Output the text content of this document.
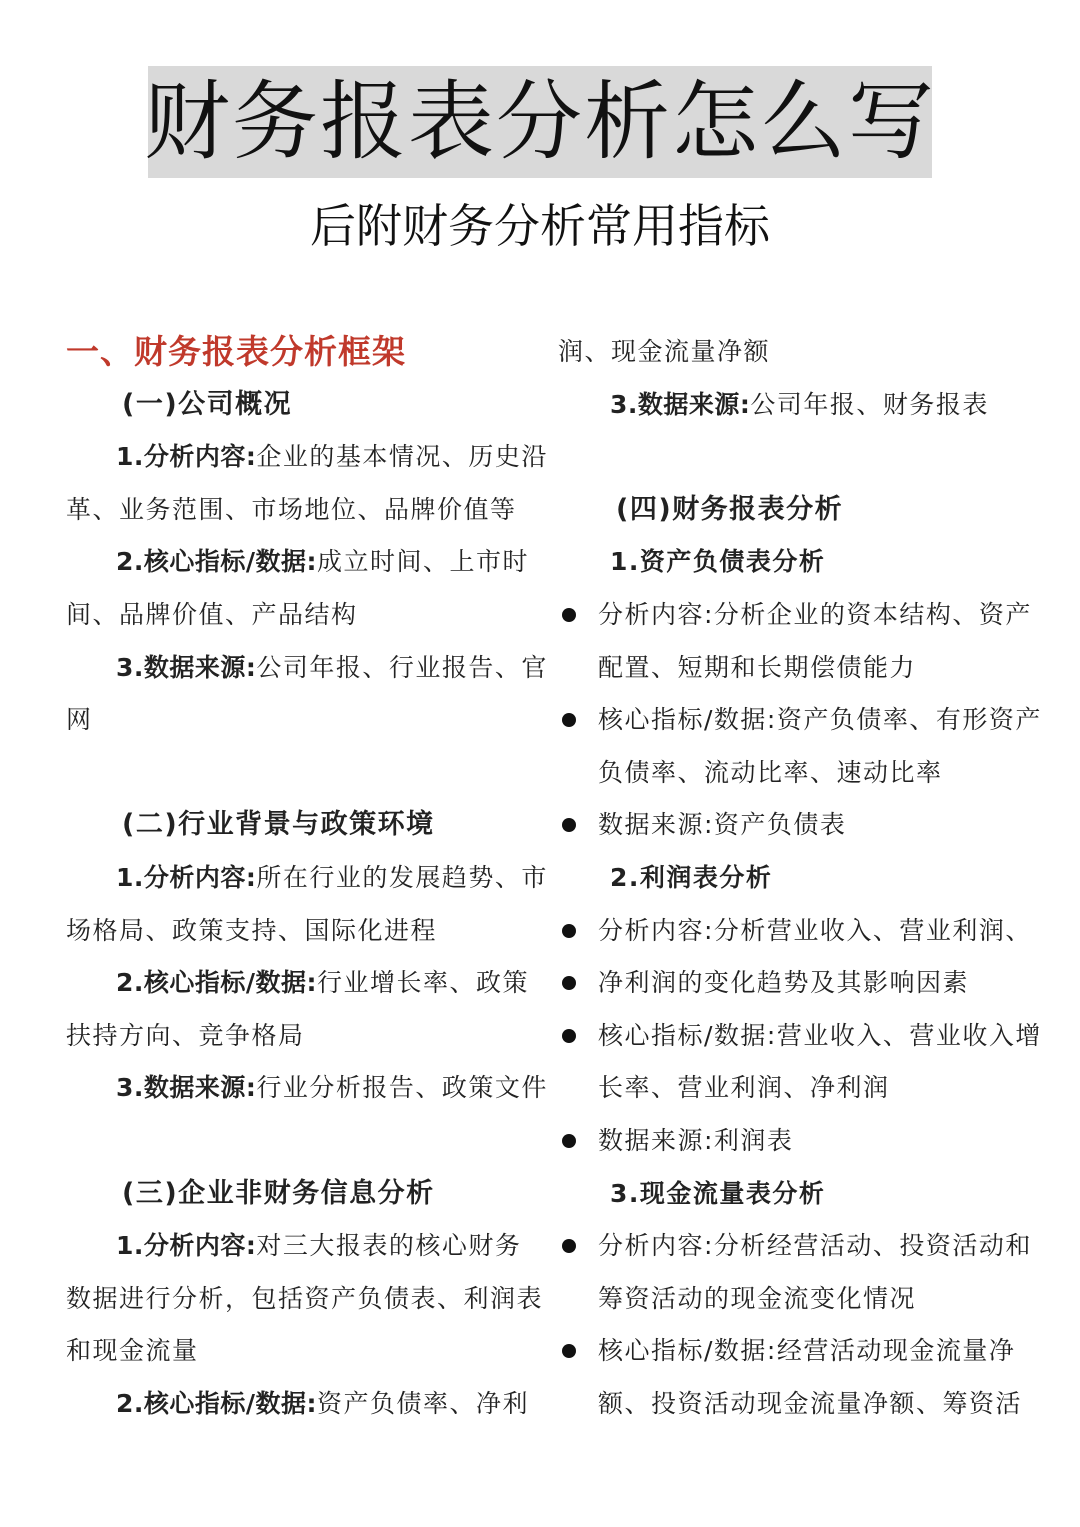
财务报表分析怎么写
后附财务分析常用指标
一、财务报表分析框架
(一)公司概况
1.分析内容:企业的基本情况、历史沿
革、业务范围、市场地位、品牌价值等
2.核心指标/数据:成立时间、上市时
间、品牌价值、产品结构
3.数据来源:公司年报、行业报告、官
网
(二)行业背景与政策环境
1.分析内容:所在行业的发展趋势、市
场格局、政策支持、国际化进程
2.核心指标/数据:行业增长率、政策
扶持方向、竞争格局
3.数据来源:行业分析报告、政策文件
(三)企业非财务信息分析
1.分析内容:对三大报表的核心财务
数据进行分析，包括资产负债表、利润表
和现金流量
2.核心指标/数据:资产负债率、净利
润、现金流量净额
3.数据来源:公司年报、财务报表
(四)财务报表分析
1.资产负债表分析
分析内容:分析企业的资本结构、资产
配置、短期和长期偿债能力
核心指标/数据:资产负债率、有形资产
负债率、流动比率、速动比率
数据来源:资产负债表
2.利润表分析
分析内容:分析营业收入、营业利润、
净利润的变化趋势及其影响因素
核心指标/数据:营业收入、营业收入增
长率、营业利润、净利润
数据来源:利润表
3.现金流量表分析
分析内容:分析经营活动、投资活动和
筹资活动的现金流变化情况
核心指标/数据:经营活动现金流量净
额、投资活动现金流量净额、筹资活
